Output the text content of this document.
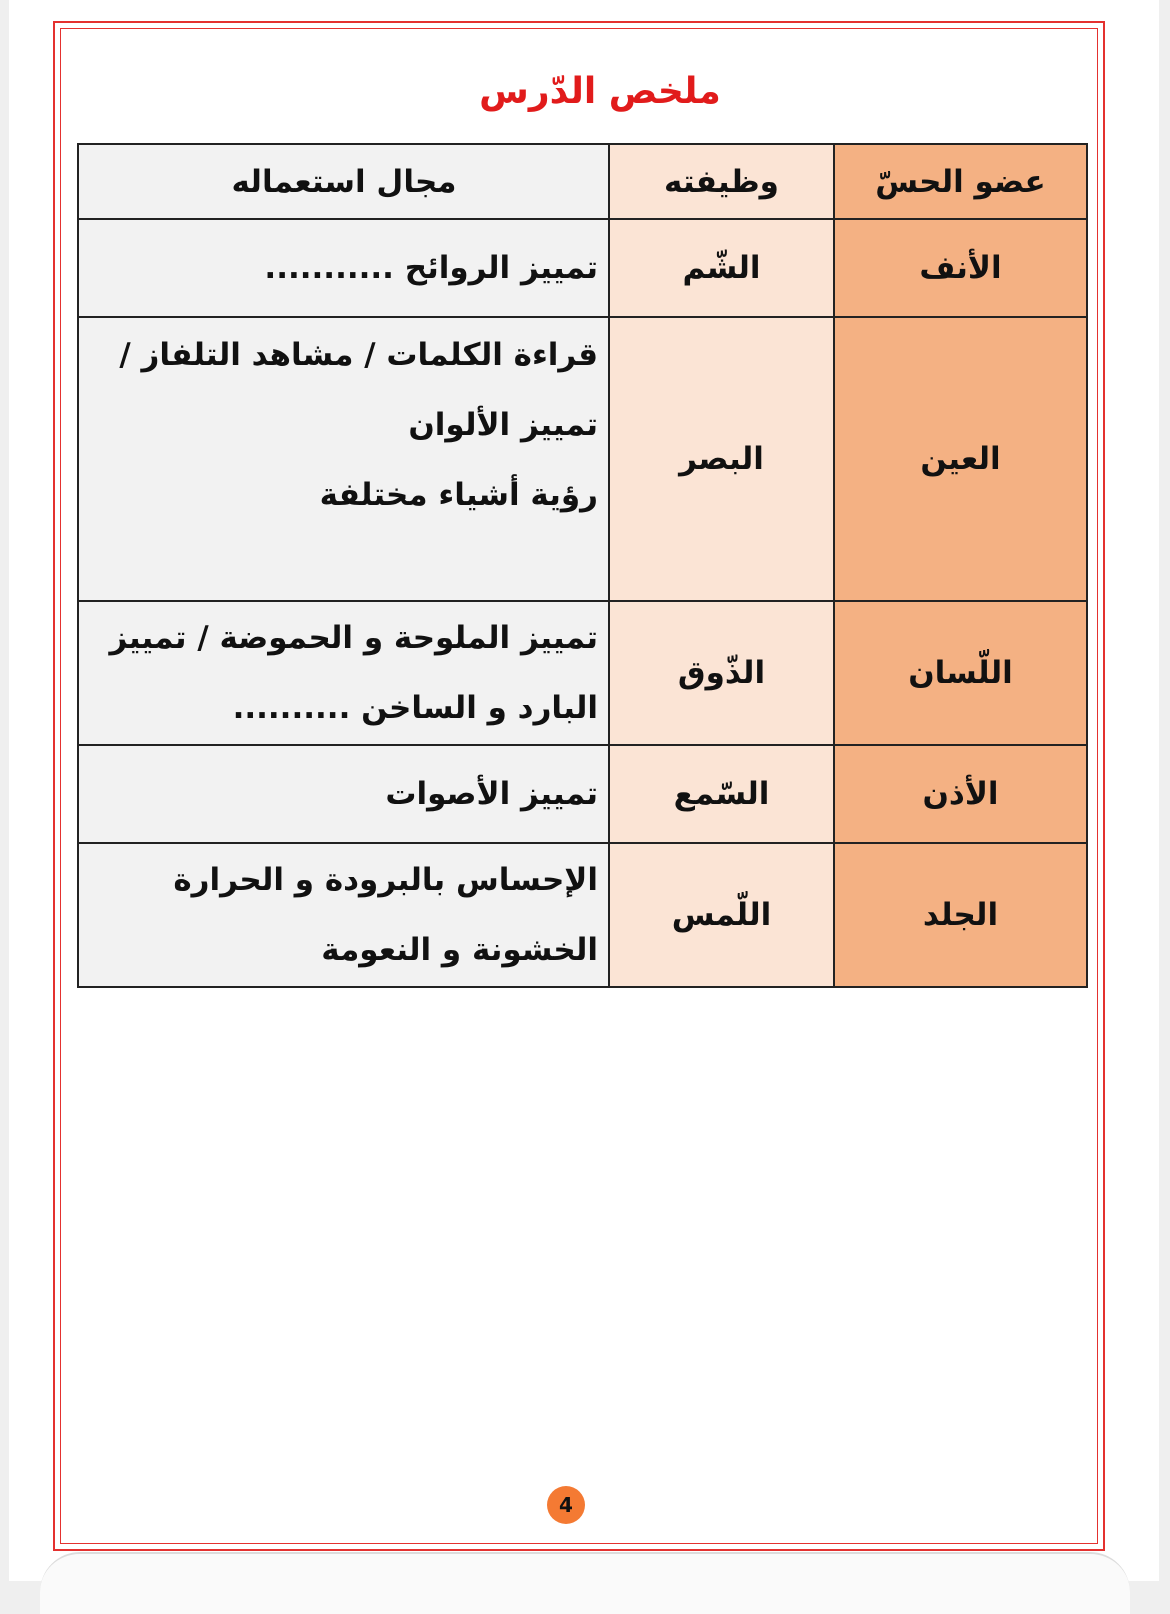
ملخص الدّرس
عضو الحسّ	وظيفته	مجال استعماله
الأنف	الشّم	تمييز الروائح ...........

العين	البصر	قراءة الكلمات / مشاهد التلفاز /
تمييز الألوان
رؤية أشياء مختلفة

اللّسان	الذّوق	تمييز الملوحة و الحموضة / تمييز
البارد و الساخن ..........

الأذن	السّمع	تمييز الأصوات

الجلد	اللّمس	الإحساس بالبرودة و الحرارة
الخشونة و النعومة
4
